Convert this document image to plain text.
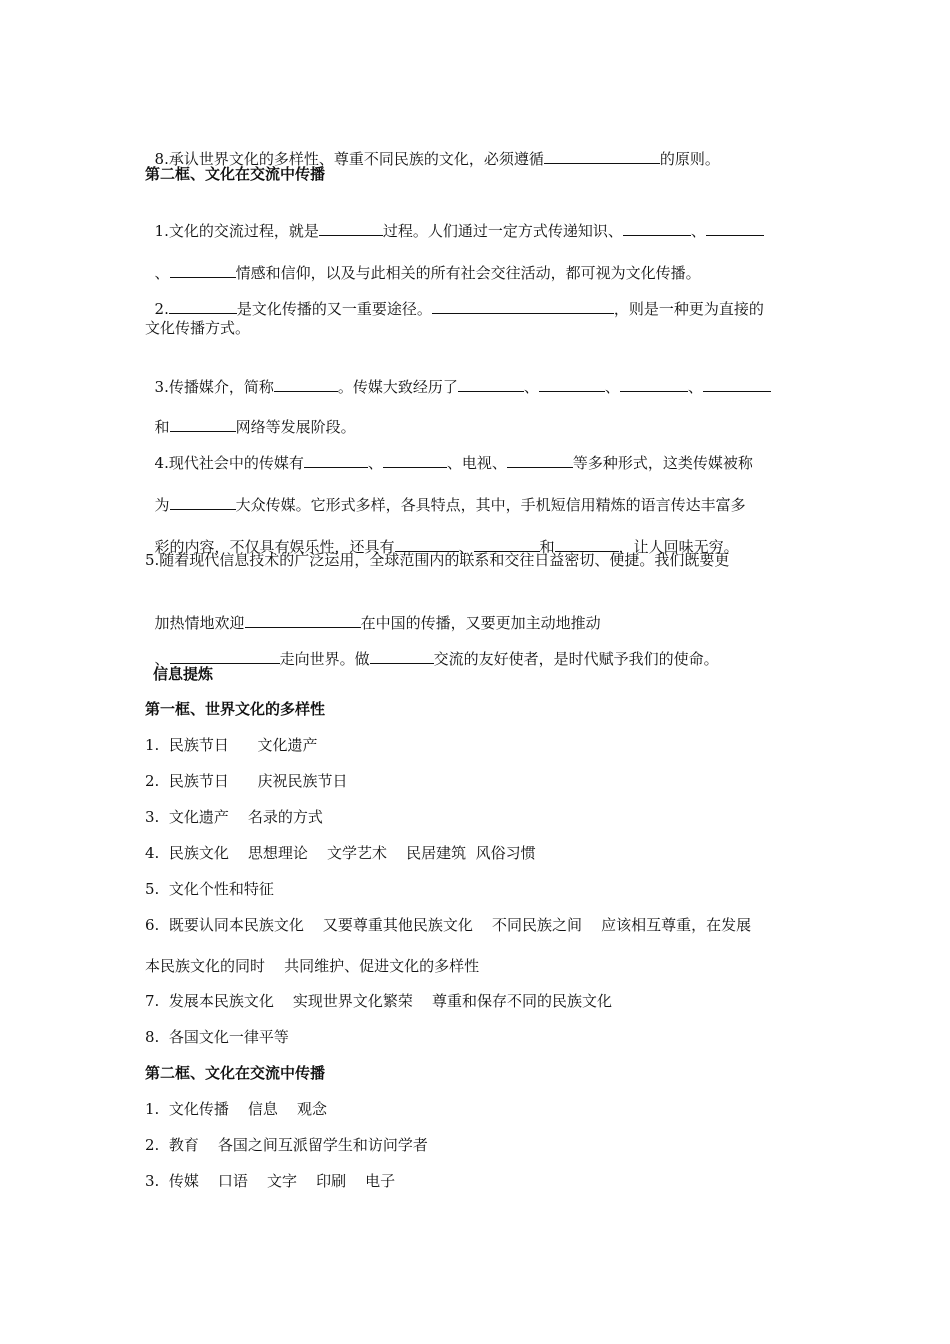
8.承认世界文化的多样性、尊重不同民族的文化，必须遵循	的原则。

第二框、文化在交流中传播

1.文化的交流过程，就是	过程。人们通过一定方式传递知识、	、

、	情感和信仰，以及与此相关的所有社会交往活动，都可视为文化传播。

2.	是文化传播的又一重要途径。	，则是一种更为直接的

文化传播方式。

3.传播媒介，简称	。传媒大致经历了	、	、	、

和	网络等发展阶段。

4.现代社会中的传媒有	、	、电视、	等多种形式，这类传媒被称

为	大众传媒。它形式多样，各具特点，其中，手机短信用精炼的语言传达丰富多

彩的内容，不仅具有娱乐性，还具有	、	和	，让人回味无穷。

5.随着现代信息技术的广泛运用，全球范围内的联系和交往日益密切、便捷。我们既要更

加热情地欢迎	在中国的传播，又要更加主动地推动

、	走向世界。做	交流的友好使者，是时代赋予我们的使命。

信息提炼
第一框、世界文化的多样性
1.  民族节日      文化遗产
2.  民族节日      庆祝民族节日
3.  文化遗产    名录的方式
4.  民族文化    思想理论    文学艺术    民居建筑  风俗习惯
5.  文化个性和特征
6.  既要认同本民族文化    又要尊重其他民族文化    不同民族之间    应该相互尊重，在发展
本民族文化的同时    共同维护、促进文化的多样性
7.  发展本民族文化    实现世界文化繁荣    尊重和保存不同的民族文化
8.  各国文化一律平等
第二框、文化在交流中传播
1.  文化传播    信息    观念
2.  教育    各国之间互派留学生和访问学者
3.  传媒    口语    文字    印刷    电子
